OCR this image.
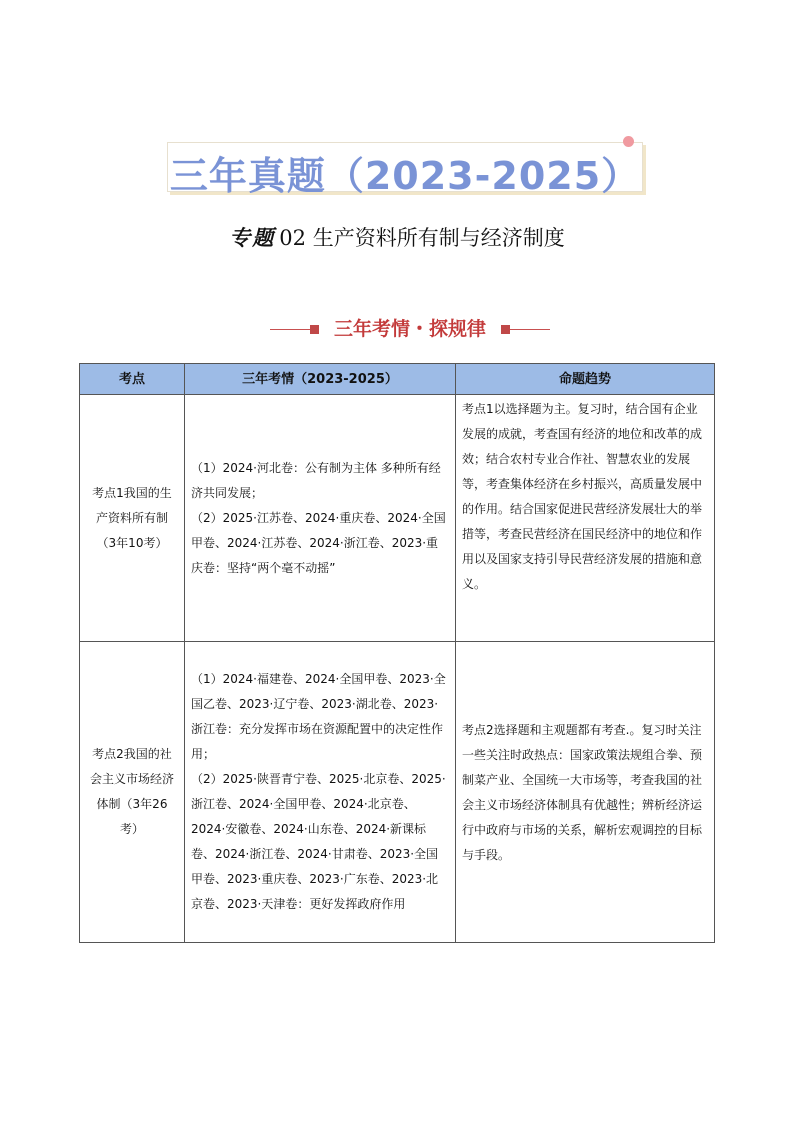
三年真题（2023-2025）
专题 02 生产资料所有制与经济制度
三年考情・探规律
考点	三年考情（2023-2025）	命题趋势
考点1我国的生产资料所有制（3年10考）	（1）2024·河北卷：公有制为主体 多种所有经济共同发展；

（2）2025·江苏卷、2024·重庆卷、2024·全国甲卷、2024·江苏卷、2024·浙江卷、2023·重庆卷：坚持“两个毫不动摇”	考点1以选择题为主。复习时，结合国有企业发展的成就，考查国有经济的地位和改革的成效；结合农村专业合作社、智慧农业的发展等，考查集体经济在乡村振兴，高质量发展中的作用。结合国家促进民营经济发展壮大的举措等，考查民营经济在国民经济中的地位和作用以及国家支持引导民营经济发展的措施和意义。
考点2我国的社会主义市场经济体制（3年26考）	（1）2024·福建卷、2024·全国甲卷、2023·全国乙卷、2023·辽宁卷、2023·湖北卷、2023·浙江卷：充分发挥市场在资源配置中的决定性作用；

（2）2025·陕晋青宁卷、2025·北京卷、2025·浙江卷、2024·全国甲卷、2024·北京卷、2024·安徽卷、2024·山东卷、2024·新课标卷、2024·浙江卷、2024·甘肃卷、2023·全国甲卷、2023·重庆卷、2023·广东卷、2023·北京卷、2023·天津卷：更好发挥政府作用	考点2选择题和主观题都有考查.。复习时关注一些关注时政热点：国家政策法规组合拳、预制菜产业、全国统一大市场等，考查我国的社会主义市场经济体制具有优越性；辨析经济运行中政府与市场的关系，解析宏观调控的目标与手段。
